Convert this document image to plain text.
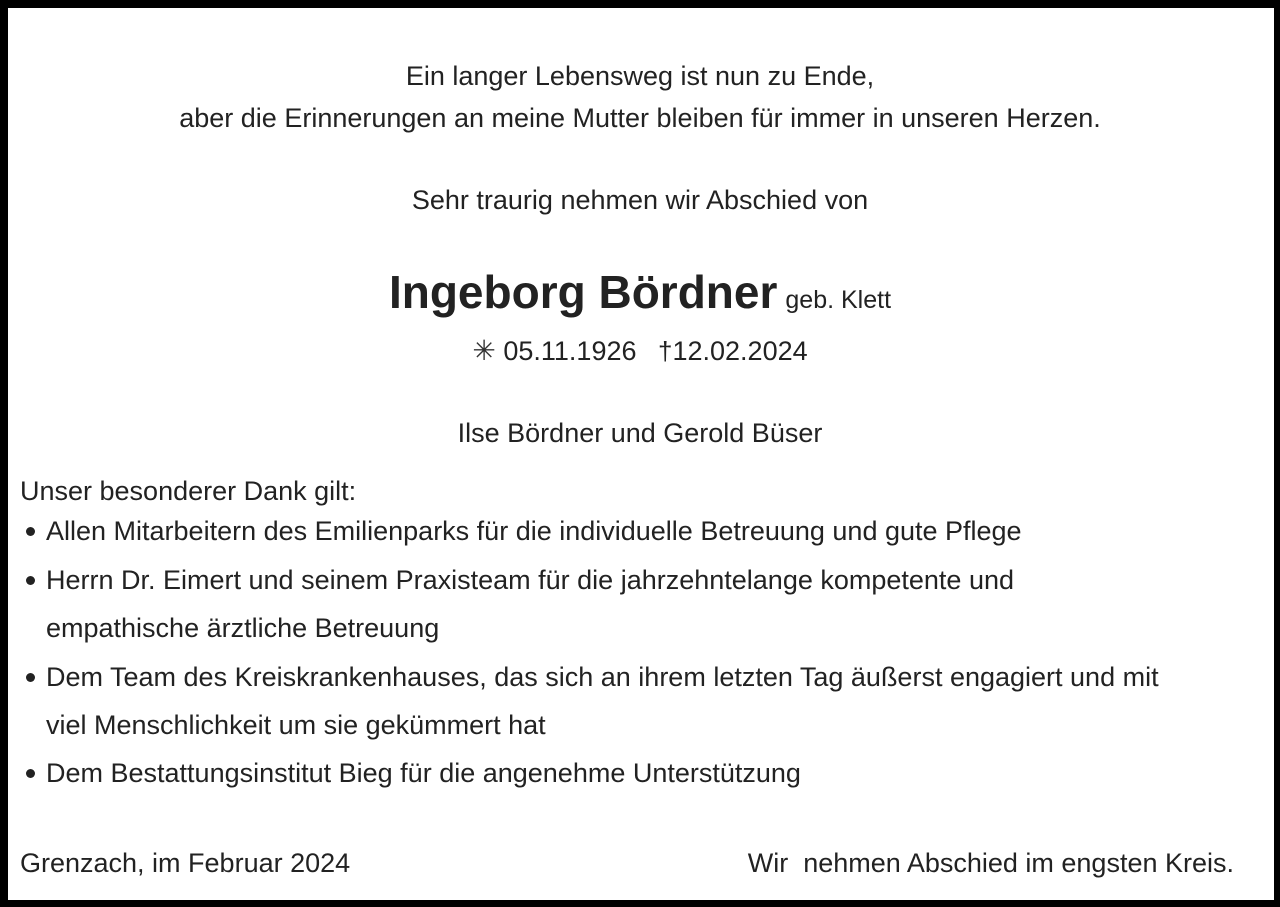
Ein langer Lebensweg ist nun zu Ende,
aber die Erinnerungen an meine Mutter bleiben für immer in unseren Herzen.
Sehr traurig nehmen wir Abschied von
Ingeborg Bördner geb. Klett
✳ 05.11.1926 †12.02.2024
Ilse Bördner und Gerold Büser
Unser besonderer Dank gilt:
Allen Mitarbeitern des Emilienparks für die individuelle Betreuung und gute Pflege
Herrn Dr. Eimert und seinem Praxisteam für die jahrzehntelange kompetente und
empathische ärztliche Betreuung
Dem Team des Kreiskrankenhauses, das sich an ihrem letzten Tag äußerst engagiert und mit
viel Menschlichkeit um sie gekümmert hat
Dem Bestattungsinstitut Bieg für die angenehme Unterstützung
Grenzach, im Februar 2024	Wir  nehmen Abschied im engsten Kreis.
